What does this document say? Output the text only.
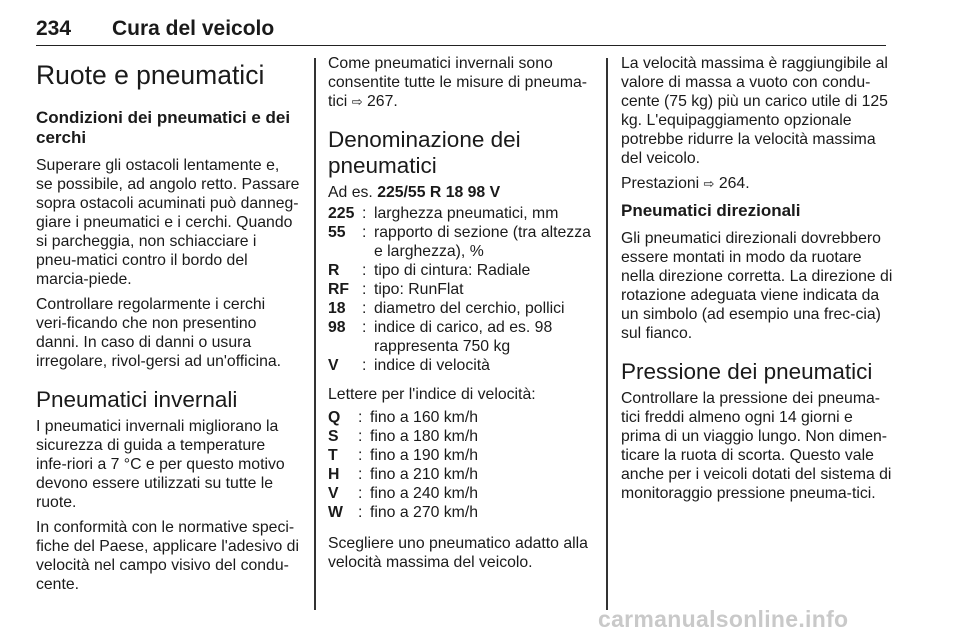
234	Cura del veicolo
Ruote e pneumatici
Condizioni dei pneumatici e dei cerchi

Superare gli ostacoli lentamente e, se possibile, ad angolo retto. Passare sopra ostacoli acuminati può danneg-giare i pneumatici e i cerchi. Quando si parcheggia, non schiacciare i pneu-matici contro il bordo del marcia-piede.

Controllare regolarmente i cerchi veri-ficando che non presentino danni. In caso di danni o usura irregolare, rivol-gersi ad un'officina.

Pneumatici invernali

I pneumatici invernali migliorano la sicurezza di guida a temperature infe-riori a 7 °C e per questo motivo devono essere utilizzati su tutte le ruote.

In conformità con le normative speci-fiche del Paese, applicare l'adesivo di velocità nel campo visivo del condu-cente.

Come pneumatici invernali sono consentite tutte le misure di pneuma-tici ⇨ 267.

Denominazione dei pneumatici

Ad es. 225/55 R 18 98 V

225 : larghezza pneumatici, mm
55	: rapporto di sezione (tra altezza e larghezza), %
R	: tipo di cintura: Radiale
RF : tipo: RunFlat
18	: diametro del cerchio, pollici
98	: indice di carico, ad es. 98 rappresenta 750 kg
V	: indice di velocità

Lettere per l'indice di velocità:

Q	: fino a 160 km/h
S	: fino a 180 km/h
T	: fino a 190 km/h
H	: fino a 210 km/h
V	: fino a 240 km/h
W : fino a 270 km/h

Scegliere uno pneumatico adatto alla velocità massima del veicolo.

La velocità massima è raggiungibile al valore di massa a vuoto con condu-cente (75 kg) più un carico utile di 125 kg. L'equipaggiamento opzionale potrebbe ridurre la velocità massima del veicolo.

Prestazioni ⇨ 264.

Pneumatici direzionali

Gli pneumatici direzionali dovrebbero essere montati in modo da ruotare nella direzione corretta. La direzione di rotazione adeguata viene indicata da un simbolo (ad esempio una frec-cia) sul fianco.

Pressione dei pneumatici

Controllare la pressione dei pneuma-tici freddi almeno ogni 14 giorni e prima di un viaggio lungo. Non dimen-ticare la ruota di scorta. Questo vale anche per i veicoli dotati del sistema di monitoraggio pressione pneuma-tici.

carmanualsonline.info
